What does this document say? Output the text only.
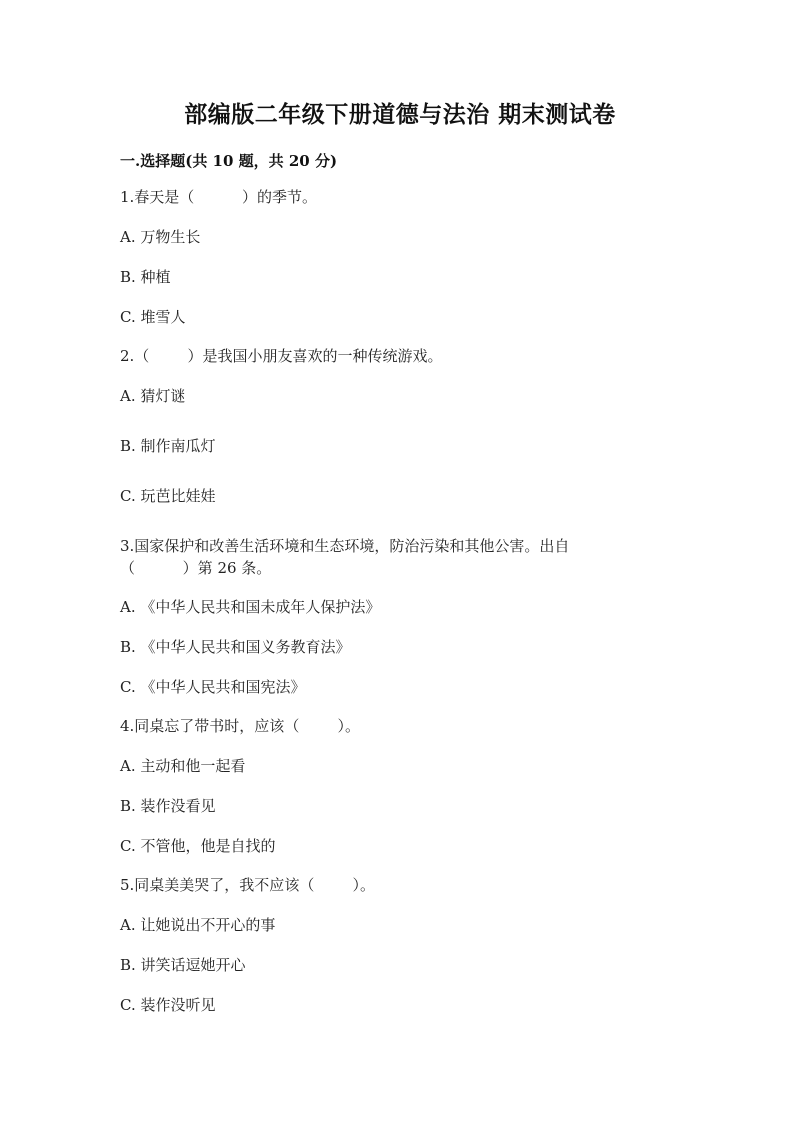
部编版二年级下册道德与法治 期末测试卷
一.选择题(共 10 题，共 20 分)
1.春天是（          ）的季节。
A. 万物生长
B. 种植
C. 堆雪人
2.（        ）是我国小朋友喜欢的一种传统游戏。
A. 猜灯谜
B. 制作南瓜灯
C. 玩芭比娃娃
3.国家保护和改善生活环境和生态环境，防治污染和其他公害。出自
（          ）第 26 条。
A. 《中华人民共和国未成年人保护法》
B. 《中华人民共和国义务教育法》
C. 《中华人民共和国宪法》
4.同桌忘了带书时，应该（        ）。
A. 主动和他一起看
B. 装作没看见
C. 不管他，他是自找的
5.同桌美美哭了，我不应该（        ）。
A. 让她说出不开心的事
B. 讲笑话逗她开心
C. 装作没听见
